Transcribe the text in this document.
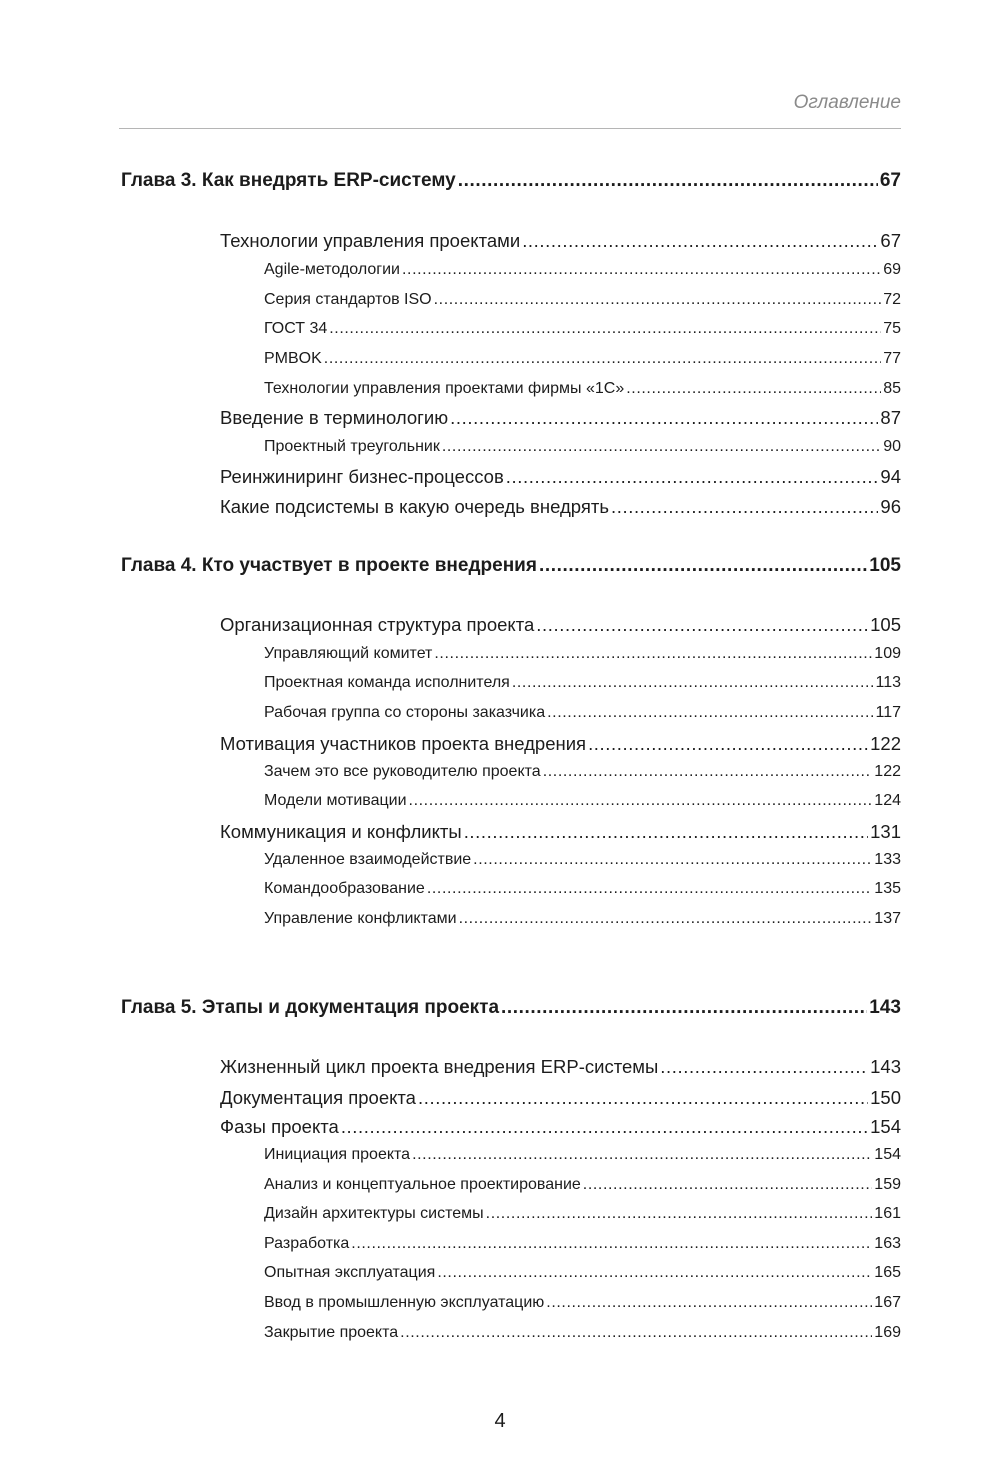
Оглавление
Глава 3. Как внедрять ERP-систему .....	67
Технологии управления проектами .....	67
Agile-методологии .....	69
Серия стандартов ISO .....	72
ГОСТ 34 .....	75
PMBOK .....	77
Технологии управления проектами фирмы «1С» .....	85
Введение в терминологию .....	87
Проектный треугольник .....	90
Реинжиниринг бизнес-процессов .....	94
Какие подсистемы в какую очередь внедрять .....	96
Глава 4. Кто участвует в проекте внедрения .....	105
Организационная структура проекта .....	105
Управляющий комитет .....	109
Проектная команда исполнителя .....	113
Рабочая группа со стороны заказчика .....	117
Мотивация участников проекта внедрения .....	122
Зачем это все руководителю проекта .....	122
Модели мотивации .....	124
Коммуникация и конфликты .....	131
Удаленное взаимодействие .....	133
Командообразование .....	135
Управление конфликтами .....	137
Глава 5. Этапы и документация проекта .....	143
Жизненный цикл проекта внедрения ERP-системы .....	143
Документация проекта .....	150
Фазы проекта .....	154
Инициация проекта .....	154
Анализ и концептуальное проектирование .....	159
Дизайн архитектуры системы .....	161
Разработка .....	163
Опытная эксплуатация .....	165
Ввод в промышленную эксплуатацию .....	167
Закрытие проекта .....	169
4
